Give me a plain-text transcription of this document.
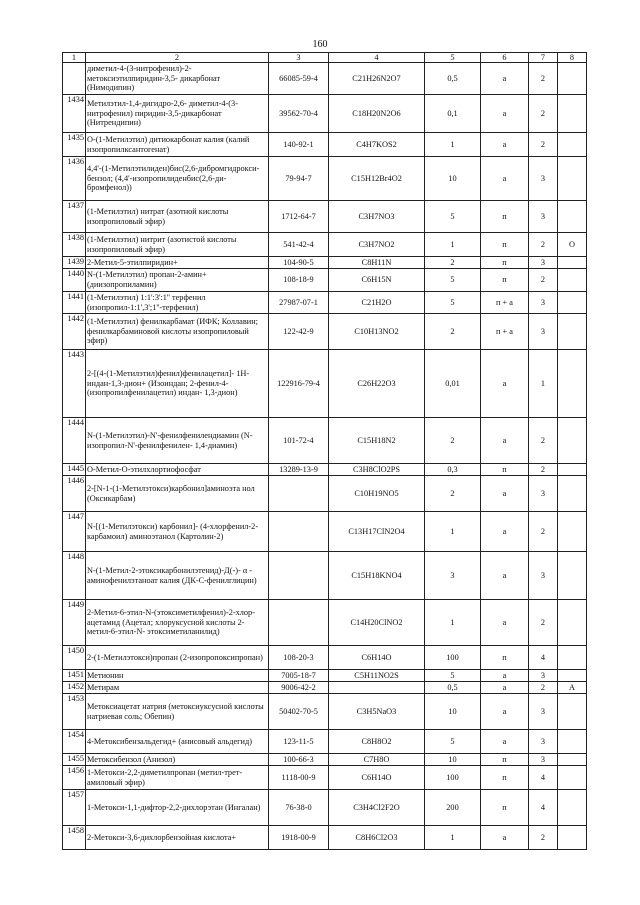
160
1	2	3	4	5	6	7	8
	диметил-4-(3-нитрофенил)-2-метоксиэтилпиридин-3,5- дикарбонат (Нимодипин)	66085-59-4	C21H26N2O7	0,5	а	2	
1434	Метилэтил-1,4-дигидро-2,6- диметил-4-(3-нитрофенил) пиридин-3,5-дикарбонат (Нитрендипин)	39562-70-4	C18H20N2O6	0,1	а	2	
1435	O-(1-Метилэтил) дитиокарбонат калия (калий изопропилксантогенат)	140-92-1	C4H7KOS2	1	а	2	
1436	4,4'-(1-Метилэтилиден)бис(2,6-дибромгидрокси-бензол; (4,4'-изопропилиденбис(2,6-ди-бромфенол))	79-94-7	C15H12Br4O2	10	а	3	
1437	(1-Метилэтил) нитрат (азотной кислоты изопропиловый эфир)	1712-64-7	C3H7NO3	5	п	3	
1438	(1-Метилэтил) нитрит (азотистой кислоты изопропиловый эфир)	541-42-4	C3H7NO2	1	п	2	О
1439	2-Метил-5-этилпиридин+	104-90-5	C8H11N	2	п	3	
1440	N-(1-Метилэтил) пропан-2-амин+ (диизопропиламин)	108-18-9	C6H15N	5	п	2	
1441	(1-Метилэтил) 1:1':3':1'' терфенил (изопропил-1:1',3';1''-терфенил)	27987-07-1	C21H2O	5	п + а	3	
1442	(1-Метилэтил) фенилкарбамат (ИФК; Коллавин; фенилкарбаминовой кислоты изопропиловый эфир)	122-42-9	C10H13NO2	2	п + а	3	
1443	2-[(4-(1-Метилэтил)фенил)фенилацетил]- 1H-индан-1,3-дион+ (Изоиндан; 2-фенил-4-(изопропилфенилацетил) индан- 1,3-дион)	122916-79-4	C26H22O3	0,01	а	1	
1444	N-(1-Метилэтил)-N'-фенилфенилендиамин (N-изопропил-N'-фенилфенилен- 1,4-диамин)	101-72-4	C15H18N2	2	а	2	
1445	O-Метил-O-этилхлортиофосфат	13289-13-9	C3H8ClO2PS	0,3	п	2	
1446	2-[N-1-(1-Метилэтокси)карбонил]аминоэта нол (Оксикарбам)		C10H19NO5	2	а	3	
1447	N-[(1-Метилэтокси) карбонил]- (4-хлорфенил-2-карбамоил) аминоэтанол (Картолин-2)		C13H17ClN2O4	1	а	2	
1448	N-(1-Метил-2-этоксикарбонилэтенид)-Д(-)- α - аминофенилэтаноат калия (ДК-С-фенилглицин)		C15H18KNO4	3	а	3	
1449	2-Метил-6-этил-N-(этоксиметилфенил)-2-хлор- ацетамид (Ацетал; хлоруксусной кислоты 2-метил-6-этил-N- этоксиметиланилид)		C14H20ClNO2	1	а	2	
1450	2-(1-Метилэтокси)пропан (2-изопропоксипропан)	108-20-3	C6H14O	100	п	4	
1451	Метионин	7005-18-7	C5H11NO2S	5	а	3	
1452	Метирам	9006-42-2		0,5	а	2	А
1453	Метоксиацетат натрия (метоксиуксусной кислоты натриевая соль; Обепин)	50402-70-5	C3H5NaO3	10	а	3	
1454	4-Метоксибензальдегид+ (анисовый альдегид)	123-11-5	C8H8O2	5	а	3	
1455	Метоксибензол (Анизол)	100-66-3	C7H8O	10	п	3	
1456	1-Метокси-2,2-диметилпропан (метил-трет-амиловый эфир)	1118-00-9	C6H14O	100	п	4	
1457	1-Метокси-1,1-дифтор-2,2-дихлорэтан (Ингалан)	76-38-0	C3H4Cl2F2O	200	п	4	
1458	2-Метокси-3,6-дихлорбензойная кислота+	1918-00-9	C8H6Cl2O3	1	а	2	
